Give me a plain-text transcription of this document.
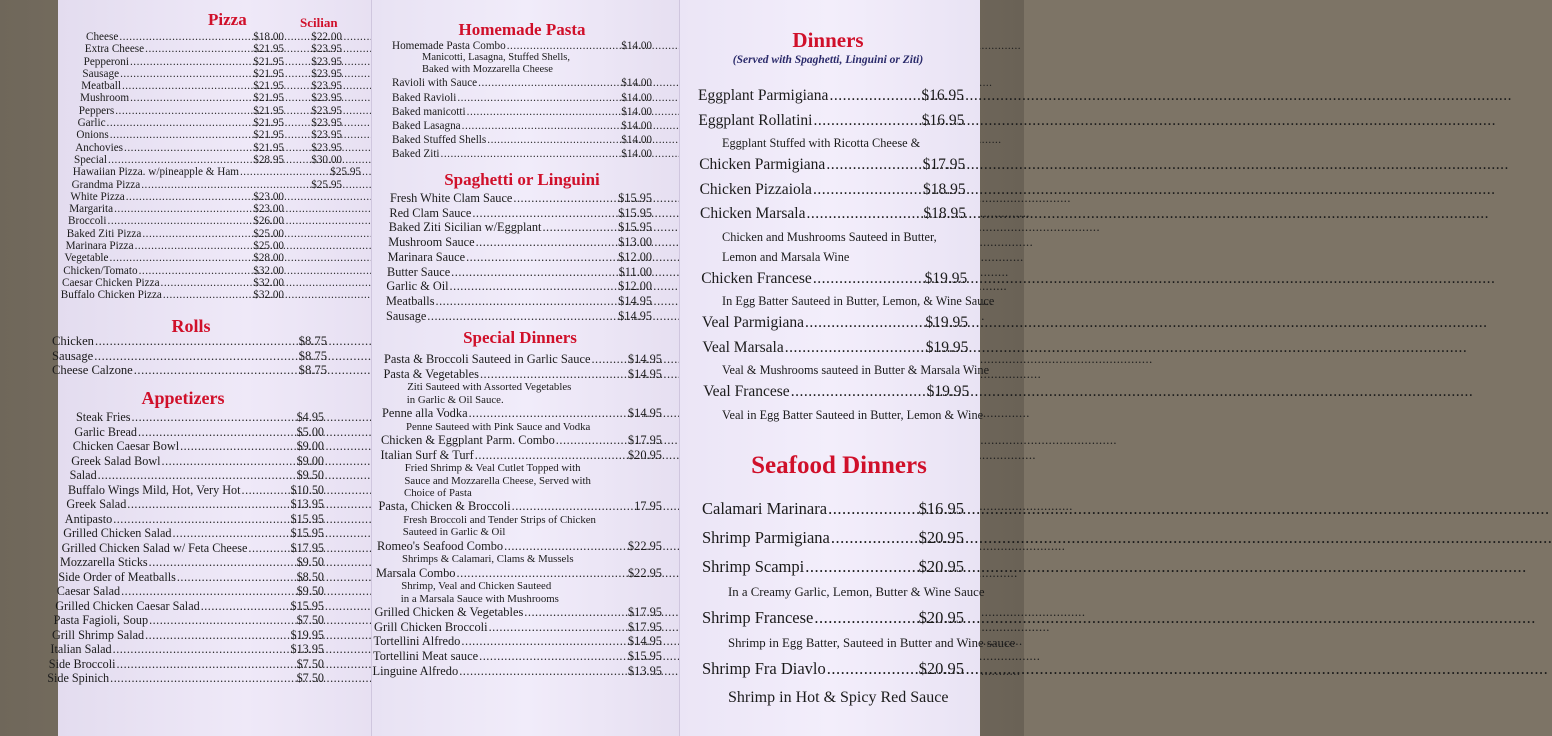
Pizza	Scilian
Cheese .....	$18.00	$22.00
Extra Cheese .....	$21.95	$23.95
Pepperoni .....	$21.95	$23.95
Sausage .....	$21.95	$23.95
Meatball .....	$21.95	$23.95
Mushroom .....	$21.95	$23.95
Peppers .....	$21.95	$23.95
Garlic .....	$21.95	$23.95
Onions .....	$21.95	$23.95
Anchovies .....	$21.95	$23.95
Special .....	$28.95	$30.00
Hawaiian Pizza. w/pineapple & Ham .....	$25.95
Grandma Pizza .....	$25.95
White Pizza .....	$23.00
Margarita .....	$23.00
Broccoli .....	$26.00
Baked Ziti Pizza .....	$25.00
Marinara Pizza .....	$25.00
Vegetable .....	$28.00
Chicken/Tomato .....	$32.00
Caesar Chicken Pizza .....	$32.00
Buffalo Chicken Pizza .....	$32.00
Rolls
Chicken .....	$8.75
Sausage .....	$8.75
Cheese Calzone .....	$8.75
Appetizers
Steak Fries .....	$4.95
Garlic Bread .....	$5.00
Chicken Caesar Bowl .....	$9.00
Greek Salad Bowl .....	$9.00
Salad .....	$9.50
Buffalo Wings Mild, Hot, Very Hot .....	$10.50
Greek Salad .....	$13.95
Antipasto .....	$15.95
Grilled Chicken Salad .....	$15.95
Grilled Chicken Salad w/ Feta Cheese .....	$17.95
Mozzarella Sticks .....	$9.50
Side Order of Meatballs .....	$8.50
Caesar Salad .....	$9.50
Grilled Chicken Caesar Salad .....	$15.95
Pasta Fagioli, Soup .....	$7.50
Grill Shrimp Salad .....	$19.95
Italian Salad .....	$13.95
Side Broccoli .....	$7.50
Side Spinich .....	$7.50
Homemade Pasta
Homemade Pasta Combo .....	$14.00
Manicotti, Lasagna, Stuffed Shells,
Baked with Mozzarella Cheese
Ravioli with Sauce .....	$14.00
Baked Ravioli .....	$14.00
Baked manicotti .....	$14.00
Baked Lasagna .....	$14.00
Baked Stuffed Shells .....	$14.00
Baked Ziti .....	$14.00
Spaghetti or Linguini
Fresh White Clam Sauce .....	$15.95
Red Clam Sauce .....	$15.95
Baked Ziti Sicilian w/Eggplant .....	$15.95
Mushroom Sauce .....	$13.00
Marinara Sauce .....	$12.00
Butter Sauce .....	$11.00
Garlic & Oil .....	$12.00
Meatballs .....	$14.95
Sausage .....	$14.95
Special Dinners
Pasta & Broccoli Sauteed in Garlic Sauce .....	$14.95
Pasta & Vegetables .....	$14.95
Ziti Sauteed with Assorted Vegetables
in Garlic & Oil Sauce.
Penne alla Vodka .....	$14.95
Penne Sauteed with Pink Sauce and Vodka
Chicken & Eggplant Parm. Combo .....	$17.95
Italian Surf & Turf .....	$20.95
Fried Shrimp & Veal Cutlet Topped with
Sauce and Mozzarella Cheese, Served with
Choice of Pasta
Pasta, Chicken & Broccoli .....	17.95
Fresh Broccoli and Tender Strips of Chicken
Sauteed in Garlic & Oil
Romeo's Seafood Combo .....	$22.95
Shrimps & Calamari, Clams & Mussels
Marsala Combo .....	$22.95
Shrimp, Veal and Chicken Sauteed
in a Marsala Sauce with Mushrooms
Grilled Chicken & Vegetables .....	$17.95
Grill Chicken Broccoli .....	$17.95
Tortellini Alfredo .....	$14.95
Tortellini Meat sauce .....	$15.95
Linguine Alfredo .....	$13.95
Dinners
(Served with Spaghetti, Linguini or Ziti)
Eggplant Parmigiana .....	$16.95
Eggplant Rollatini .....	$16.95
Eggplant Stuffed with Ricotta Cheese &
Chicken Parmigiana .....	$17.95
Chicken Pizzaiola .....	$18.95
Chicken Marsala .....	$18.95
Chicken and Mushrooms Sauteed in Butter,
Lemon and Marsala Wine
Chicken Francese .....	$19.95
In Egg Batter Sauteed in Butter, Lemon, & Wine Sauce
Veal Parmigiana .....	$19.95
Veal Marsala .....	$19.95
Veal & Mushrooms sauteed in Butter & Marsala Wine
Veal Francese .....	$19.95
Veal in Egg Batter Sauteed in Butter, Lemon & Wine
Seafood Dinners
Calamari Marinara .....	$16.95
Shrimp Parmigiana .....	$20.95
Shrimp Scampi .....	$20.95
In a Creamy Garlic, Lemon, Butter & Wine Sauce
Shrimp Francese .....	$20.95
Shrimp in Egg Batter, Sauteed in Butter and Wine sauce
Shrimp Fra Diavlo .....	$20.95
Shrimp in Hot & Spicy Red Sauce
